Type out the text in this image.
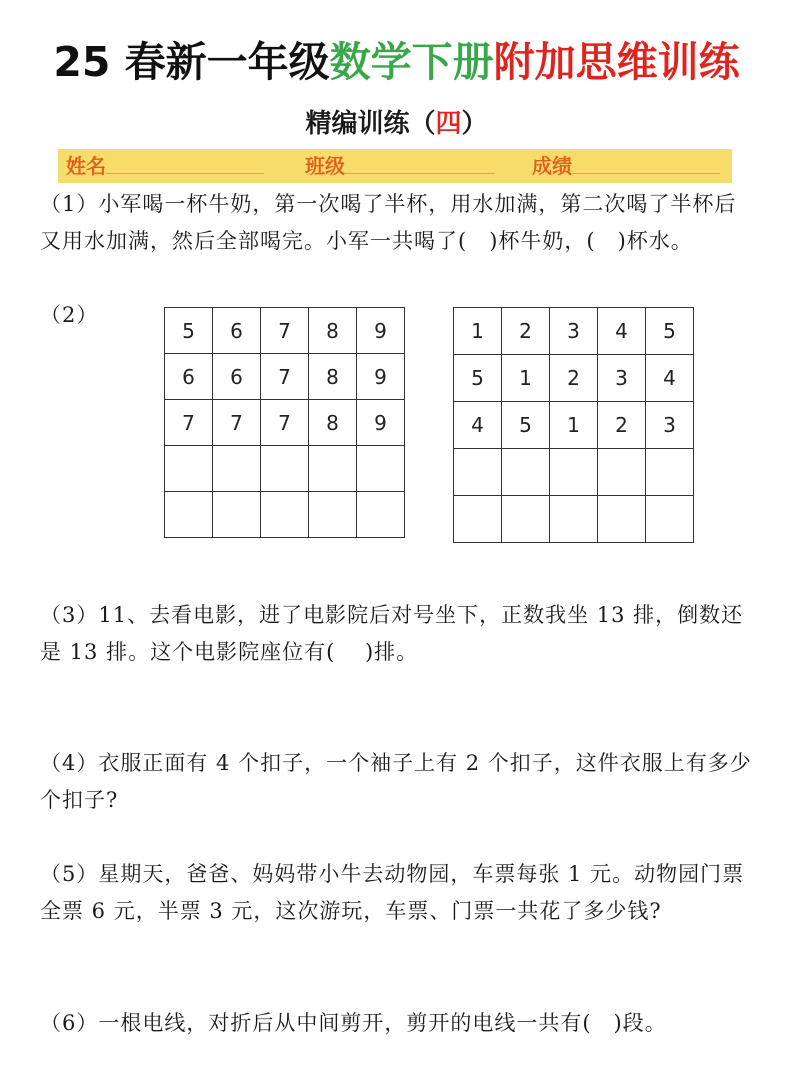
25 春新一年级数学下册附加思维训练
精编训练（四）
姓名	班级	成绩
（1）小军喝一杯牛奶，第一次喝了半杯，用水加满，第二次喝了半杯后又用水加满，然后全部喝完。小军一共喝了(　)杯牛奶，(　)杯水。
（2）
5	6	7	8	9
6	6	7	8	9
7	7	7	8	9

1	2	3	4	5
5	1	2	3	4
4	5	1	2	3

（3）11、去看电影，进了电影院后对号坐下，正数我坐 13 排，倒数还是 13 排。这个电影院座位有(　 )排。
（4）衣服正面有 4 个扣子，一个袖子上有 2 个扣子，这件衣服上有多少个扣子?
（5）星期天，爸爸、妈妈带小牛去动物园，车票每张 1 元。动物园门票全票 6 元，半票 3 元，这次游玩，车票、门票一共花了多少钱?
（6）一根电线，对折后从中间剪开，剪开的电线一共有(　)段。
